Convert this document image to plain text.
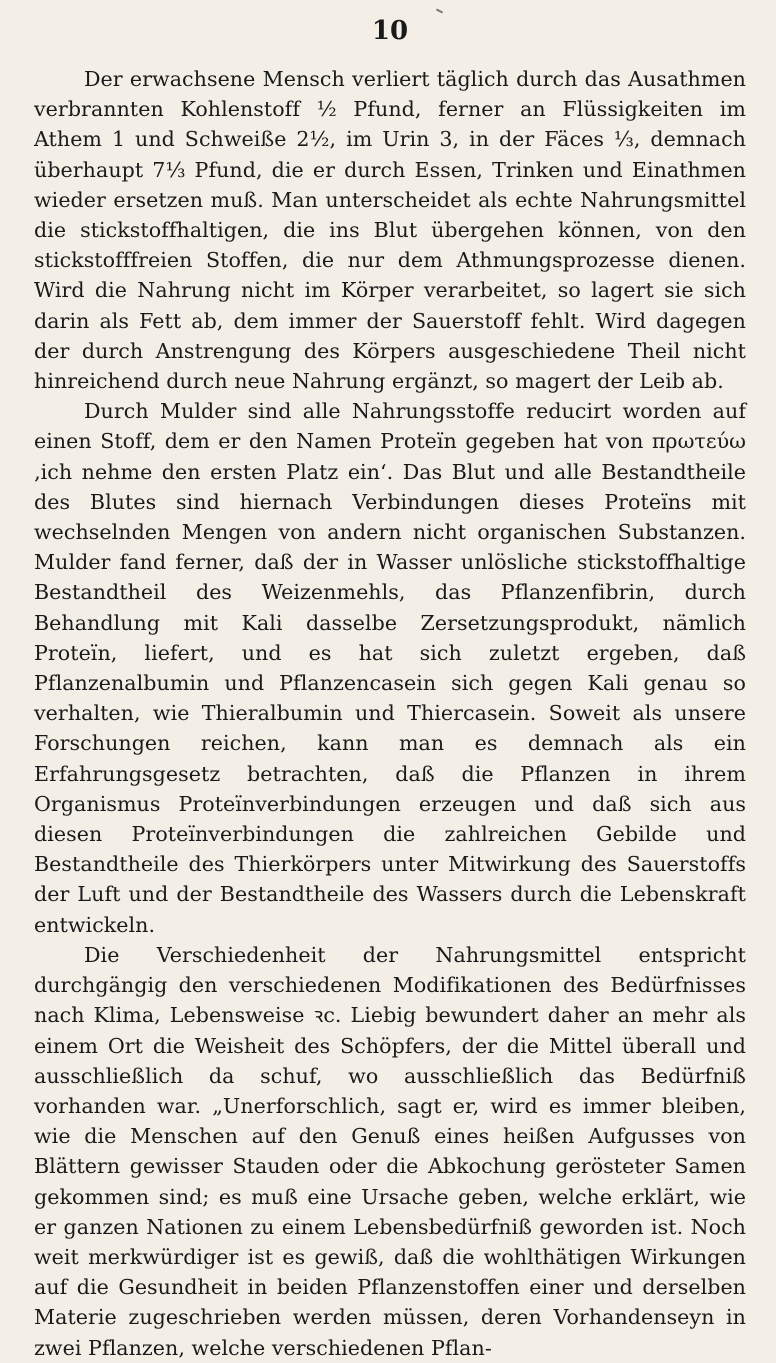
10

Der erwachsene Mensch verliert täglich durch das Ausathmen verbrannten Kohlenstoff ½ Pfund, ferner an Flüssigkeiten im Athem 1 und Schweiße 2½, im Urin 3, in der Fäces ⅓, demnach überhaupt 7⅓ Pfund, die er durch Essen, Trinken und Einathmen wieder ersetzen muß. Man unterscheidet als echte Nahrungsmittel die stickstoffhaltigen, die ins Blut übergehen können, von den stickstofffreien Stoffen, die nur dem Athmungsprozesse dienen. Wird die Nahrung nicht im Körper verarbeitet, so lagert sie sich darin als Fett ab, dem immer der Sauerstoff fehlt. Wird dagegen der durch Anstrengung des Körpers ausgeschiedene Theil nicht hinreichend durch neue Nahrung ergänzt, so magert der Leib ab.

Durch Mulder sind alle Nahrungsstoffe reducirt worden auf einen Stoff, dem er den Namen Proteïn gegeben hat von πρωτεύω ‚ich nehme den ersten Platz ein‘. Das Blut und alle Bestandtheile des Blutes sind hiernach Verbindungen dieses Proteïns mit wechselnden Mengen von andern nicht organischen Substanzen. Mulder fand ferner, daß der in Wasser unlösliche stickstoffhaltige Bestandtheil des Weizenmehls, das Pflanzenfibrin, durch Behandlung mit Kali dasselbe Zersetzungsprodukt, nämlich Proteïn, liefert, und es hat sich zuletzt ergeben, daß Pflanzenalbumin und Pflanzencasein sich gegen Kali genau so verhalten, wie Thieralbumin und Thiercasein. Soweit als unsere Forschungen reichen, kann man es demnach als ein Erfahrungsgesetz betrachten, daß die Pflanzen in ihrem Organismus Proteïnverbindungen erzeugen und daß sich aus diesen Proteïnverbindungen die zahlreichen Gebilde und Bestandtheile des Thierkörpers unter Mitwirkung des Sauerstoffs der Luft und der Bestandtheile des Wassers durch die Lebenskraft entwickeln.

Die Verschiedenheit der Nahrungsmittel entspricht durchgängig den verschiedenen Modifikationen des Bedürfnisses nach Klima, Lebensweise ꝛc. Liebig bewundert daher an mehr als einem Ort die Weisheit des Schöpfers, der die Mittel überall und ausschließlich da schuf, wo ausschließlich das Bedürfniß vorhanden war. „Unerforschlich, sagt er, wird es immer bleiben, wie die Menschen auf den Genuß eines heißen Aufgusses von Blättern gewisser Stauden oder die Abkochung gerösteter Samen gekommen sind; es muß eine Ursache geben, welche erklärt, wie er ganzen Nationen zu einem Lebensbedürfniß geworden ist. Noch weit merkwürdiger ist es gewiß, daß die wohlthätigen Wirkungen auf die Gesundheit in beiden Pflanzenstoffen einer und derselben Materie zugeschrieben werden müssen, deren Vorhandenseyn in zwei Pflanzen, welche verschiedenen Pflan-
